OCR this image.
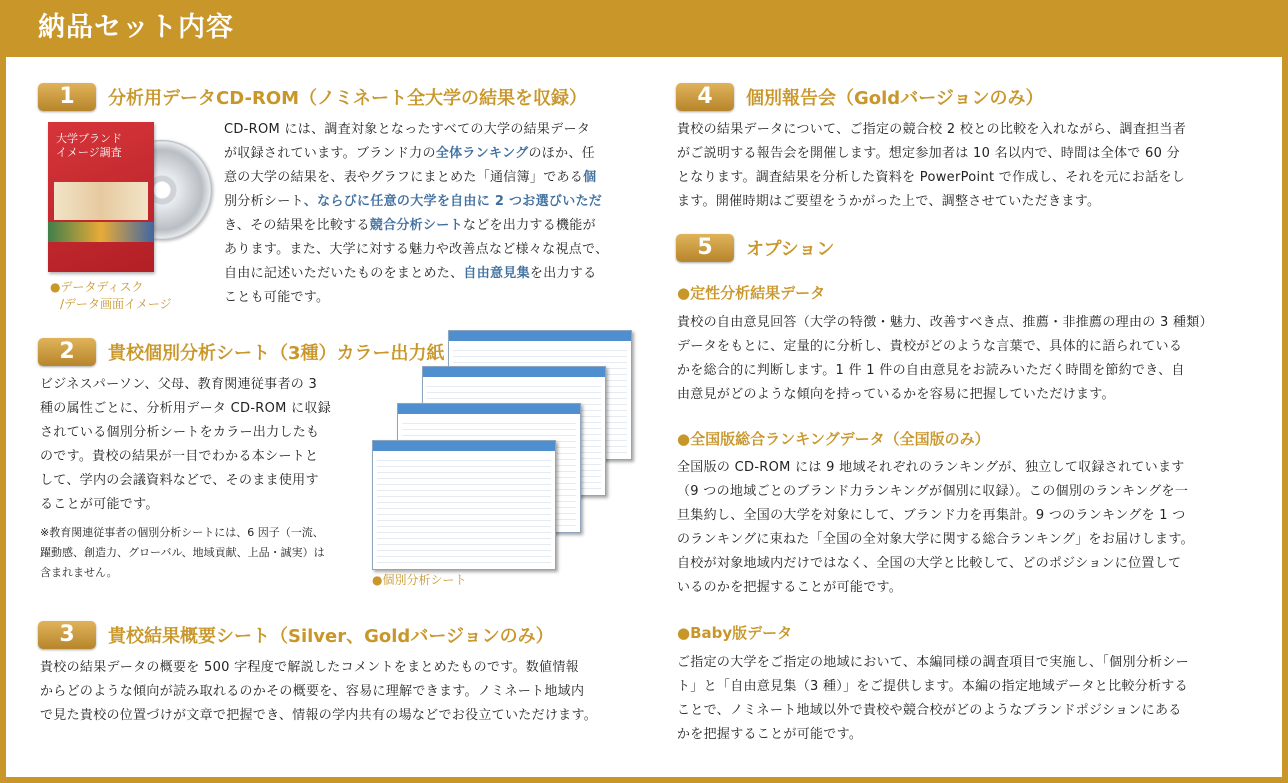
納品セット内容
1	分析用データCD-ROM（ノミネート全大学の結果を収録）
大学ブランド
イメージ調査
●データディスク
/データ画面イメージ
CD-ROM には、調査対象となったすべての大学の結果データ
が収録されています。ブランド力の全体ランキングのほか、任
意の大学の結果を、表やグラフにまとめた「通信簿」である個
別分析シート、ならびに任意の大学を自由に 2 つお選びいただ
き、その結果を比較する競合分析シートなどを出力する機能が
あります。また、大学に対する魅力や改善点など様々な視点で、
自由に記述いただいたものをまとめた、自由意見集を出力する
ことも可能です。
2	貴校個別分析シート（3種）カラー出力紙
ビジネスパーソン、父母、教育関連従事者の 3
種の属性ごとに、分析用データ CD-ROM に収録
されている個別分析シートをカラー出力したも
のです。貴校の結果が一目でわかる本シートと
して、学内の会議資料などで、そのまま使用す
ることが可能です。
※教育関連従事者の個別分析シートには、6 因子（一流、
躍動感、創造力、グローバル、地域貢献、上品・誠実）は
含まれません。
●個別分析シート
3	貴校結果概要シート（Silver、Goldバージョンのみ）
貴校の結果データの概要を 500 字程度で解説したコメントをまとめたものです。数値情報
からどのような傾向が読み取れるのかその概要を、容易に理解できます。ノミネート地域内
で見た貴校の位置づけが文章で把握でき、情報の学内共有の場などでお役立ていただけます。
4	個別報告会（Goldバージョンのみ）
貴校の結果データについて、ご指定の競合校 2 校との比較を入れながら、調査担当者
がご説明する報告会を開催します。想定参加者は 10 名以内で、時間は全体で 60 分
となります。調査結果を分析した資料を PowerPoint で作成し、それを元にお話をし
ます。開催時期はご要望をうかがった上で、調整させていただきます。
5	オプション
●定性分析結果データ
貴校の自由意見回答（大学の特徴・魅力、改善すべき点、推薦・非推薦の理由の 3 種類）
データをもとに、定量的に分析し、貴校がどのような言葉で、具体的に語られている
かを総合的に判断します。1 件 1 件の自由意見をお読みいただく時間を節約でき、自
由意見がどのような傾向を持っているかを容易に把握していただけます。
●全国版総合ランキングデータ（全国版のみ）
全国版の CD-ROM には 9 地域それぞれのランキングが、独立して収録されています
（9 つの地域ごとのブランド力ランキングが個別に収録）。この個別のランキングを一
旦集約し、全国の大学を対象にして、ブランド力を再集計。9 つのランキングを 1 つ
のランキングに束ねた「全国の全対象大学に関する総合ランキング」をお届けします。
自校が対象地域内だけではなく、全国の大学と比較して、どのポジションに位置して
いるのかを把握することが可能です。
●Baby版データ
ご指定の大学をご指定の地域において、本編同様の調査項目で実施し、「個別分析シー
ト」と「自由意見集（3 種）」をご提供します。本編の指定地域データと比較分析する
ことで、ノミネート地域以外で貴校や競合校がどのようなブランドポジションにある
かを把握することが可能です。
